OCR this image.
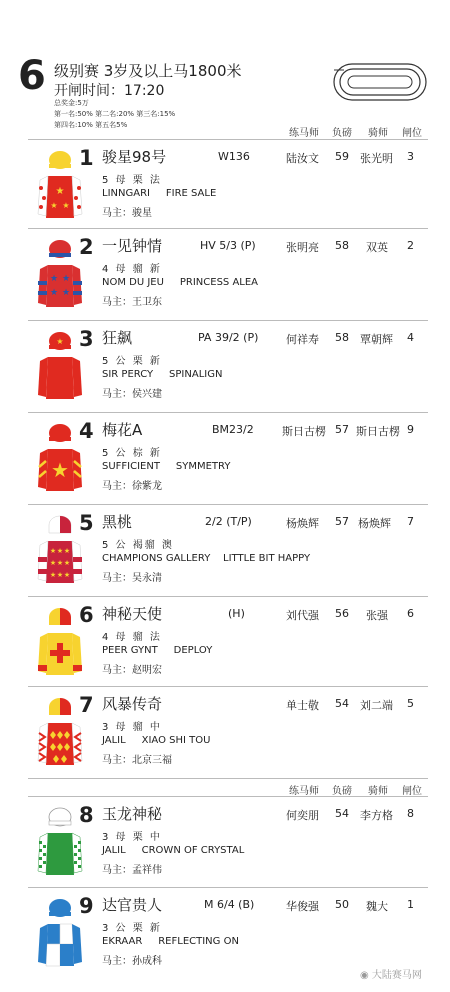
6 级别赛 3岁及以上马1800米
开闸时间：17:20
总奖金:5万
第一名:50% 第二名:20% 第三名:15%
第四名:10% 第五名5%
练马师 负磅 骑师 闸位
练马师 负磅 骑师 闸位
★
★ ★
1 骏星98号	W136	陆汝文 59 张光明 3
5 母 栗 法
LINNGARI FIRE SALE
马主：骏星
★ ★
★ ★
2 一见钟情	HV 5/3 (P)	张明亮 58 双英 2
4 母 骝 新
NOM DU JEU PRINCESS ALEA
马主：王卫东
★ 3 狂飙	PA 39/2 (P)	何祥寿 58 覃朝辉 4
5 公 栗 新
SIR PERCY SPINALIGN
马主：侯兴建
★
4 梅花A	BM23/2	斯日古楞 57 斯日古楞 9
5 公 棕 新
SUFFICIENT SYMMETRY
马主：徐紫龙
★ ★ ★
★ ★ ★
★ ★ ★
5 黑桃	2/2 (T/P)	杨焕辉 57 杨焕辉 7
5 公 褐骝 澳
CHAMPIONS GALLERY LITTLE BIT HAPPY
马主：吴永清
6 神秘天使	(H)	刘代强 56 张强 6
4 母 骝 法
PEER GYNT DEPLOY
马主：赵明宏
7 风暴传奇	单士敬 54 刘二端 5
3 母 骝 中
JALIL XIAO SHI TOU
马主：北京三福
8 玉龙神秘	何奕朋 54 李方格 8
3 母 栗 中
JALIL CROWN OF CRYSTAL
马主：孟祥伟
9 达官贵人	M 6/4 (B)	华俊强 50 魏大 1
3 公 栗 新
EKRAAR REFLECTING ON
马主：孙成科
◉ 大陆赛马网
